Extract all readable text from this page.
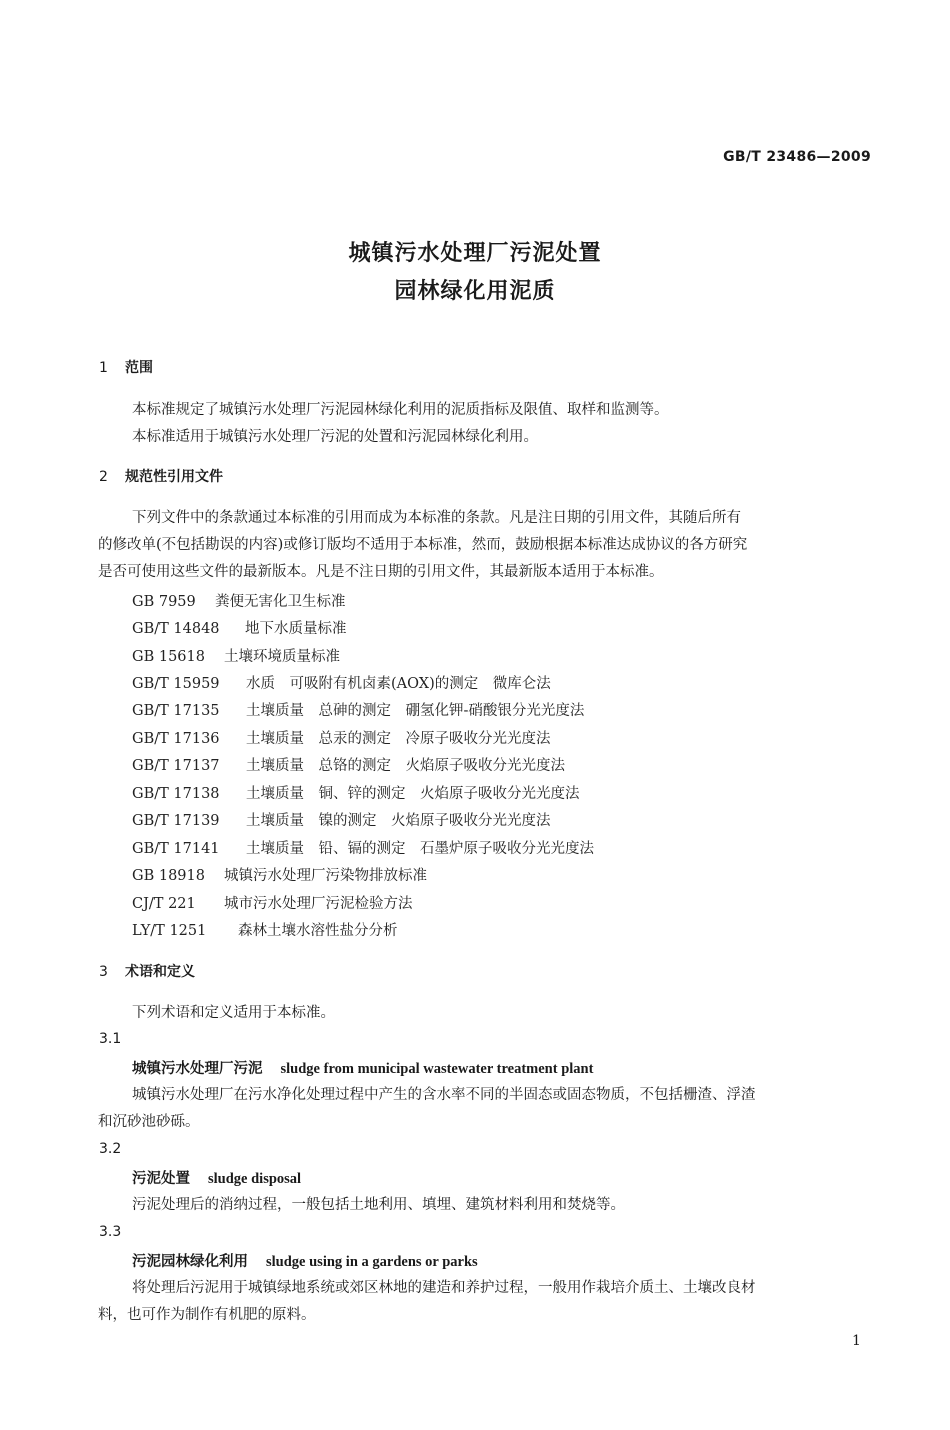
GB/T 23486—2009
城镇污水处理厂污泥处置
园林绿化用泥质
1 范围
本标准规定了城镇污水处理厂污泥园林绿化利用的泥质指标及限值、取样和监测等。
本标准适用于城镇污水处理厂污泥的处置和污泥园林绿化利用。
2 规范性引用文件
下列文件中的条款通过本标准的引用而成为本标准的条款。凡是注日期的引用文件，其随后所有
的修改单(不包括勘误的内容)或修订版均不适用于本标准，然而，鼓励根据本标准达成协议的各方研究
是否可使用这些文件的最新版本。凡是不注日期的引用文件，其最新版本适用于本标准。
GB 7959 粪便无害化卫生标准
GB/T 14848 地下水质量标准
GB 15618 土壤环境质量标准
GB/T 15959 水质　可吸附有机卤素(AOX)的测定　微库仑法
GB/T 17135 土壤质量　总砷的测定　硼氢化钾-硝酸银分光光度法
GB/T 17136 土壤质量　总汞的测定　冷原子吸收分光光度法
GB/T 17137 土壤质量　总铬的测定　火焰原子吸收分光光度法
GB/T 17138 土壤质量　铜、锌的测定　火焰原子吸收分光光度法
GB/T 17139 土壤质量　镍的测定　火焰原子吸收分光光度法
GB/T 17141 土壤质量　铅、镉的测定　石墨炉原子吸收分光光度法
GB 18918 城镇污水处理厂污染物排放标准
CJ/T 221 城市污水处理厂污泥检验方法
LY/T 1251 森林土壤水溶性盐分分析
3 术语和定义
下列术语和定义适用于本标准。
3.1
城镇污水处理厂污泥 sludge from municipal wastewater treatment plant
城镇污水处理厂在污水净化处理过程中产生的含水率不同的半固态或固态物质，不包括栅渣、浮渣
和沉砂池砂砾。
3.2
污泥处置 sludge disposal
污泥处理后的消纳过程，一般包括土地利用、填埋、建筑材料利用和焚烧等。
3.3
污泥园林绿化利用 sludge using in a gardens or parks
将处理后污泥用于城镇绿地系统或郊区林地的建造和养护过程，一般用作栽培介质土、土壤改良材
料，也可作为制作有机肥的原料。
1
